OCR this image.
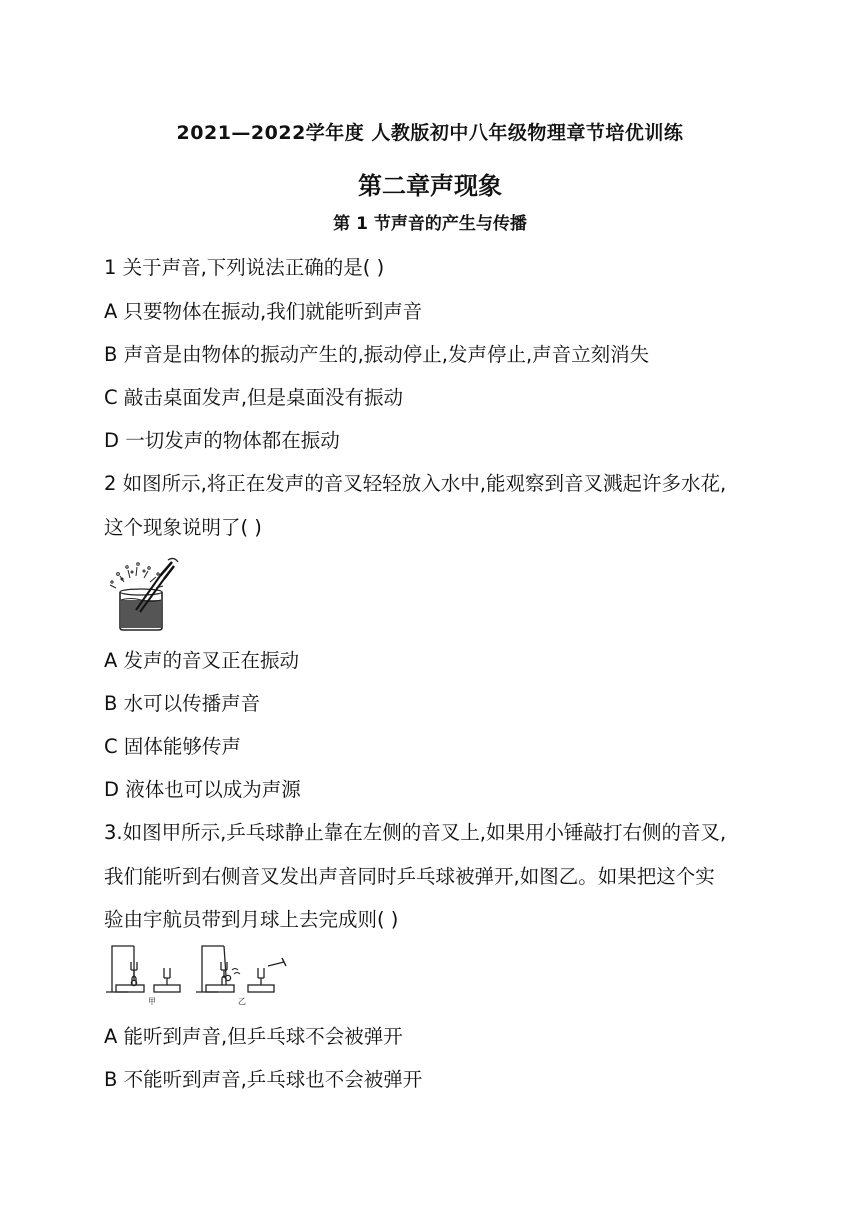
2021—2022学年度 人教版初中八年级物理章节培优训练
第二章声现象
第 1 节声音的产生与传播
1 关于声音,下列说法正确的是( )
A 只要物体在振动,我们就能听到声音
B 声音是由物体的振动产生的,振动停止,发声停止,声音立刻消失
C 敲击桌面发声,但是桌面没有振动
D 一切发声的物体都在振动
2 如图所示,将正在发声的音叉轻轻放入水中,能观察到音叉溅起许多水花,
这个现象说明了( )
A 发声的音叉正在振动
B 水可以传播声音
C 固体能够传声
D 液体也可以成为声源
3.如图甲所示,乒乓球静止靠在左侧的音叉上,如果用小锤敲打右侧的音叉,
我们能听到右侧音叉发出声音同时乒乓球被弹开,如图乙。如果把这个实
验由宇航员带到月球上去完成则( )
甲	乙
A 能听到声音,但乒乓球不会被弹开
B 不能听到声音,乒乓球也不会被弹开
